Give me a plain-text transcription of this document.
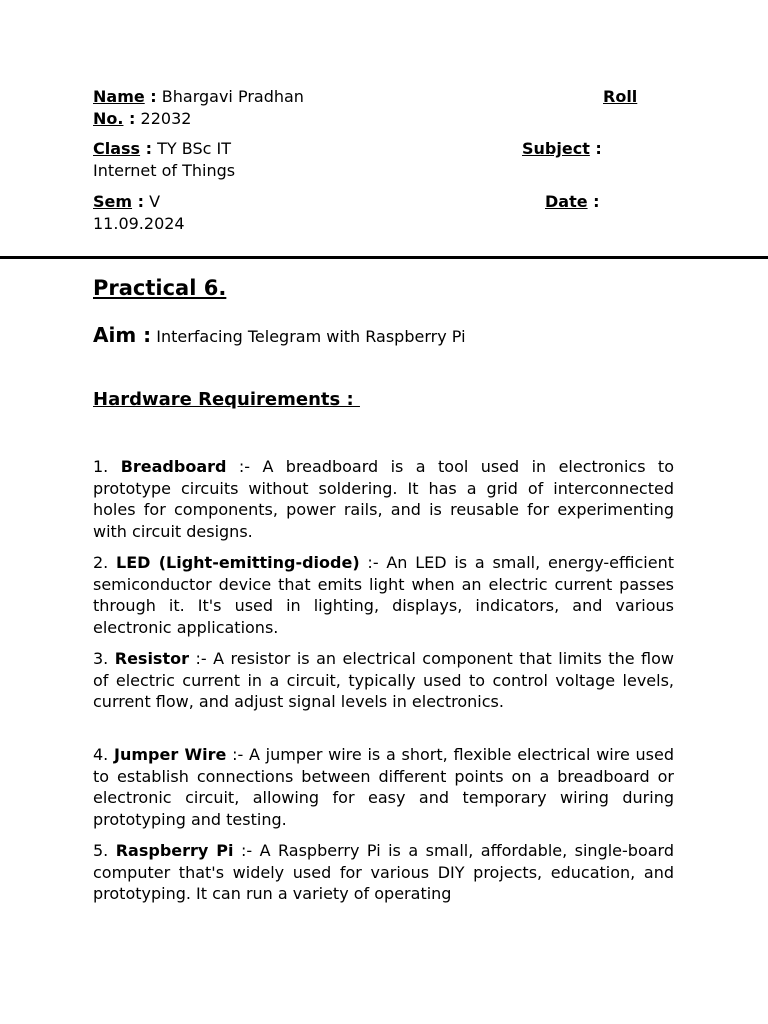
Name : Bhargavi Pradhan	Roll
No. : 22032
Class : TY BSc IT	Subject :
Internet of Things
Sem : V	Date :
11.09.2024
Practical 6.
Aim : Interfacing Telegram with Raspberry Pi
Hardware Requirements :

1. Breadboard :- A breadboard is a tool used in electronics to prototype circuits without soldering. It has a grid of interconnected holes for components, power rails, and is reusable for experimenting with circuit designs.

2. LED (Light-emitting-diode) :- An LED is a small, energy-efficient semiconductor device that emits light when an electric current passes through it. It's used in lighting, displays, indicators, and various electronic applications.

3. Resistor :- A resistor is an electrical component that limits the flow of electric current in a circuit, typically used to control voltage levels, current flow, and adjust signal levels in electronics.

4. Jumper Wire :- A jumper wire is a short, flexible electrical wire used to establish connections between different points on a breadboard or electronic circuit, allowing for easy and temporary wiring during prototyping and testing.

5. Raspberry Pi :- A Raspberry Pi is a small, affordable, single-board computer that's widely used for various DIY projects, education, and prototyping. It can run a variety of operating
